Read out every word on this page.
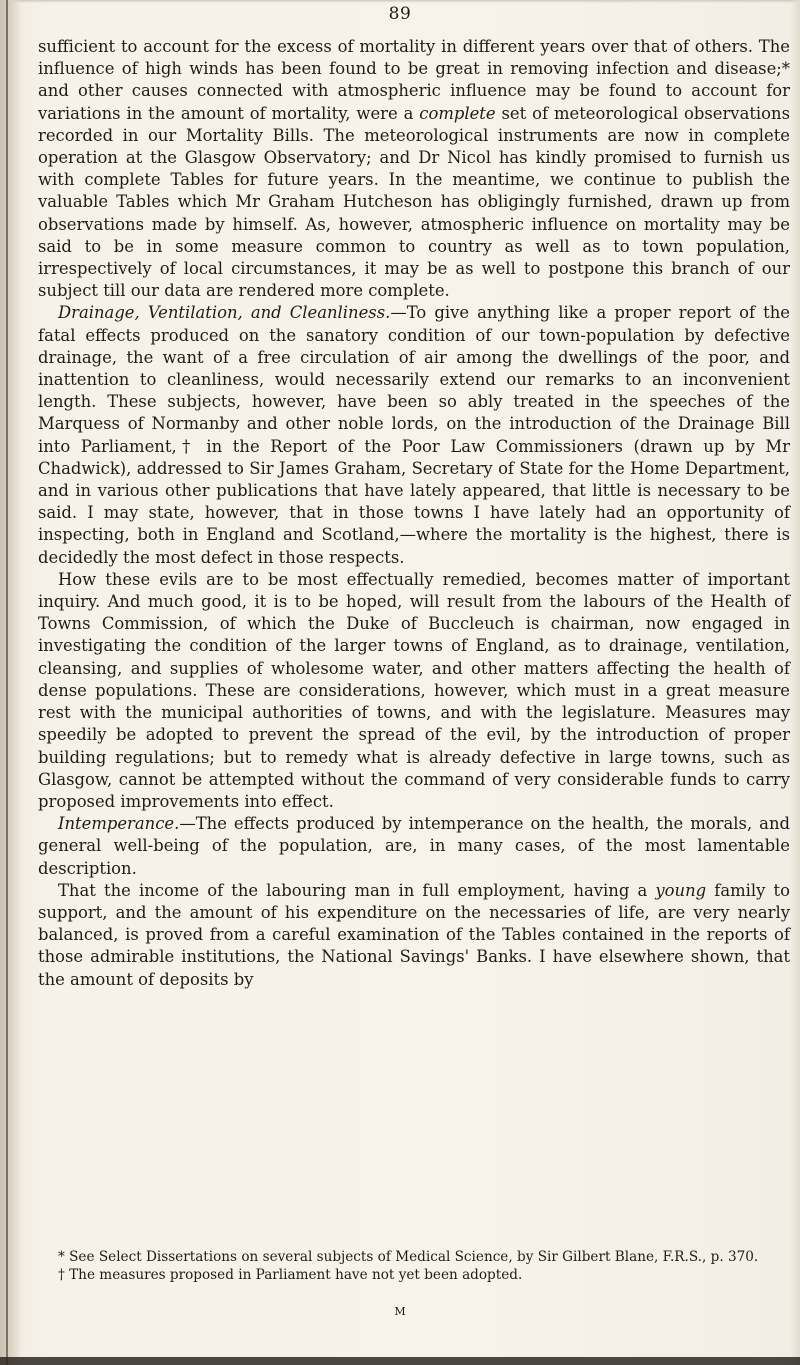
89

sufficient to account for the excess of mortality in different years over that of others. The influence of high winds has been found to be great in removing infection and disease;* and other causes connected with atmospheric influence may be found to account for variations in the amount of mortality, were a complete set of meteorological observations recorded in our Mortality Bills. The meteorological instruments are now in complete operation at the Glasgow Observatory; and Dr Nicol has kindly promised to furnish us with complete Tables for future years. In the meantime, we continue to publish the valuable Tables which Mr Graham Hutcheson has obligingly furnished, drawn up from observations made by himself. As, however, atmospheric influence on mortality may be said to be in some measure common to country as well as to town population, irrespectively of local circumstances, it may be as well to postpone this branch of our subject till our data are rendered more complete.

Drainage, Ventilation, and Cleanliness.—To give anything like a proper report of the fatal effects produced on the sanatory condition of our town-population by defective drainage, the want of a free circulation of air among the dwellings of the poor, and inattention to cleanliness, would necessarily extend our remarks to an inconvenient length. These subjects, however, have been so ably treated in the speeches of the Marquess of Normanby and other noble lords, on the introduction of the Drainage Bill into Parliament,† in the Report of the Poor Law Commissioners (drawn up by Mr Chadwick), addressed to Sir James Graham, Secretary of State for the Home Department, and in various other publications that have lately appeared, that little is necessary to be said. I may state, however, that in those towns I have lately had an opportunity of inspecting, both in England and Scotland,—where the mortality is the highest, there is decidedly the most defect in those respects.

How these evils are to be most effectually remedied, becomes matter of important inquiry. And much good, it is to be hoped, will result from the labours of the Health of Towns Commission, of which the Duke of Buccleuch is chairman, now engaged in investigating the condition of the larger towns of England, as to drainage, ventilation, cleansing, and supplies of wholesome water, and other matters affecting the health of dense populations. These are considerations, however, which must in a great measure rest with the municipal authorities of towns, and with the legislature. Measures may speedily be adopted to prevent the spread of the evil, by the introduction of proper building regulations; but to remedy what is already defective in large towns, such as Glasgow, cannot be attempted without the command of very considerable funds to carry proposed improvements into effect.

Intemperance.—The effects produced by intemperance on the health, the morals, and general well-being of the population, are, in many cases, of the most lamentable description.

That the income of the labouring man in full employment, having a young family to support, and the amount of his expenditure on the necessaries of life, are very nearly balanced, is proved from a careful examination of the Tables contained in the reports of those admirable institutions, the National Savings' Banks. I have elsewhere shown, that the amount of deposits by

* See Select Dissertations on several subjects of Medical Science, by Sir Gilbert Blane, F.R.S., p. 370.

† The measures proposed in Parliament have not yet been adopted.

M
